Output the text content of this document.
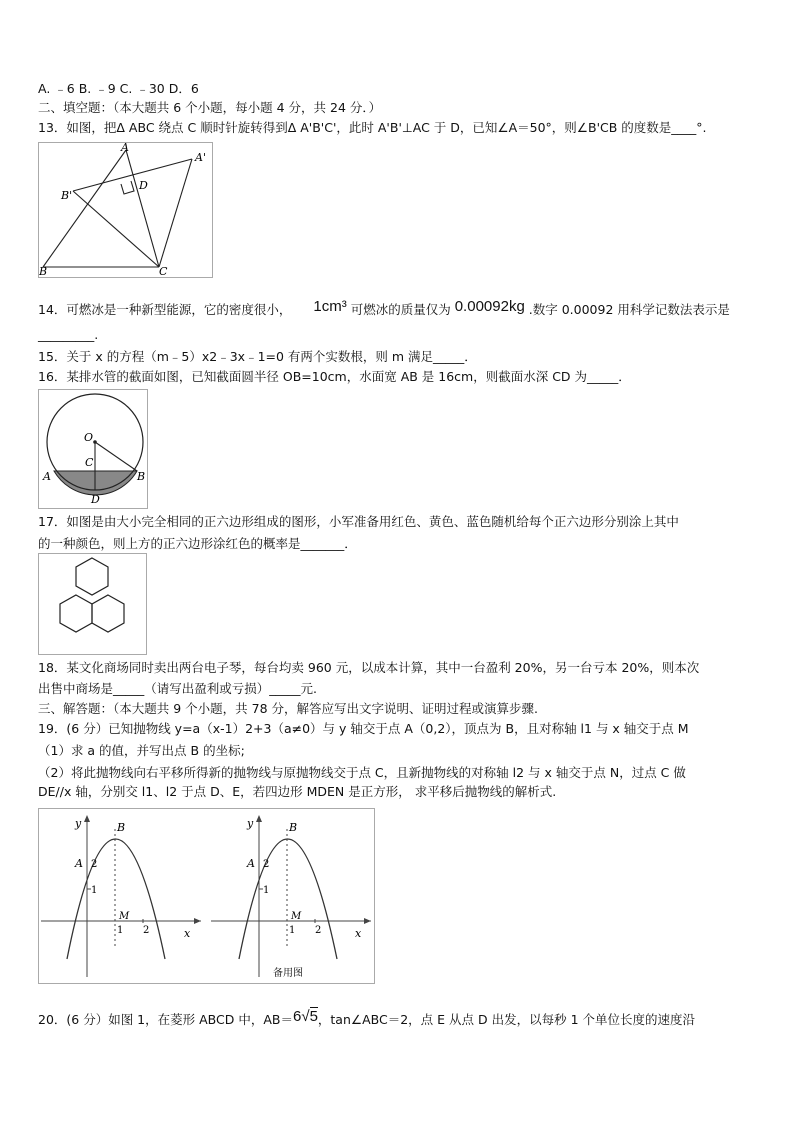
A. ﹣6 B. ﹣9 C. ﹣30 D．6
二、填空题：（本大题共 6 个小题，每小题 4 分，共 24 分．）
13．如图，把Δ ABC 绕点 C 顺时针旋转得到Δ A'B'C'，此时 A'B'⊥AC 于 D，已知∠A＝50°，则∠B'CB 的度数是____°.
A
A'
B'
D
B	C
14．可燃冰是一种新型能源，它的密度很小， 1cm³ 可燃冰的质量仅为 0.00092kg .数字 0.00092 用科学记数法表示是
_________.
15．关于 x 的方程（m﹣5）x2﹣3x﹣1=0 有两个实数根，则 m 满足_____．
16．某排水管的截面如图，已知截面圆半径 OB=10cm，水面宽 AB 是 16cm，则截面水深 CD 为_____．
O
C
A	B
D
17．如图是由大小完全相同的正六边形组成的图形，小军准备用红色、黄色、蓝色随机给每个正六边形分别涂上其中
的一种颜色，则上方的正六边形涂红色的概率是_______．
18．某文化商场同时卖出两台电子琴，每台均卖 960 元，以成本计算，其中一台盈利 20%，另一台亏本 20%，则本次
出售中商场是_____（请写出盈利或亏损）_____元.
三、解答题：（本大题共 9 个小题，共 78 分，解答应写出文字说明、证明过程或演算步骤.
19．(6 分）已知抛物线 y=a（x-1）2+3（a≠0）与 y 轴交于点 A（0,2），顶点为 B，且对称轴 l1 与 x 轴交于点 M
（1）求 a 的值，并写出点 B 的坐标;
（2）将此抛物线向右平移所得新的抛物线与原抛物线交于点 C，且新抛物线的对称轴 l2 与 x 轴交于点 N，过点 C 做
DE//x 轴，分别交 l1、l2 于点 D、E，若四边形 MDEN 是正方形， 求平移后抛物线的解析式.
y
x
B
A 2
1
M
1 2
y
x
B
A 2
1
M
1 2
备用图
20．(6 分）如图 1，在菱形 ABCD 中，AB＝6√5，tan∠ABC＝2，点 E 从点 D 出发，以每秒 1 个单位长度的速度沿
